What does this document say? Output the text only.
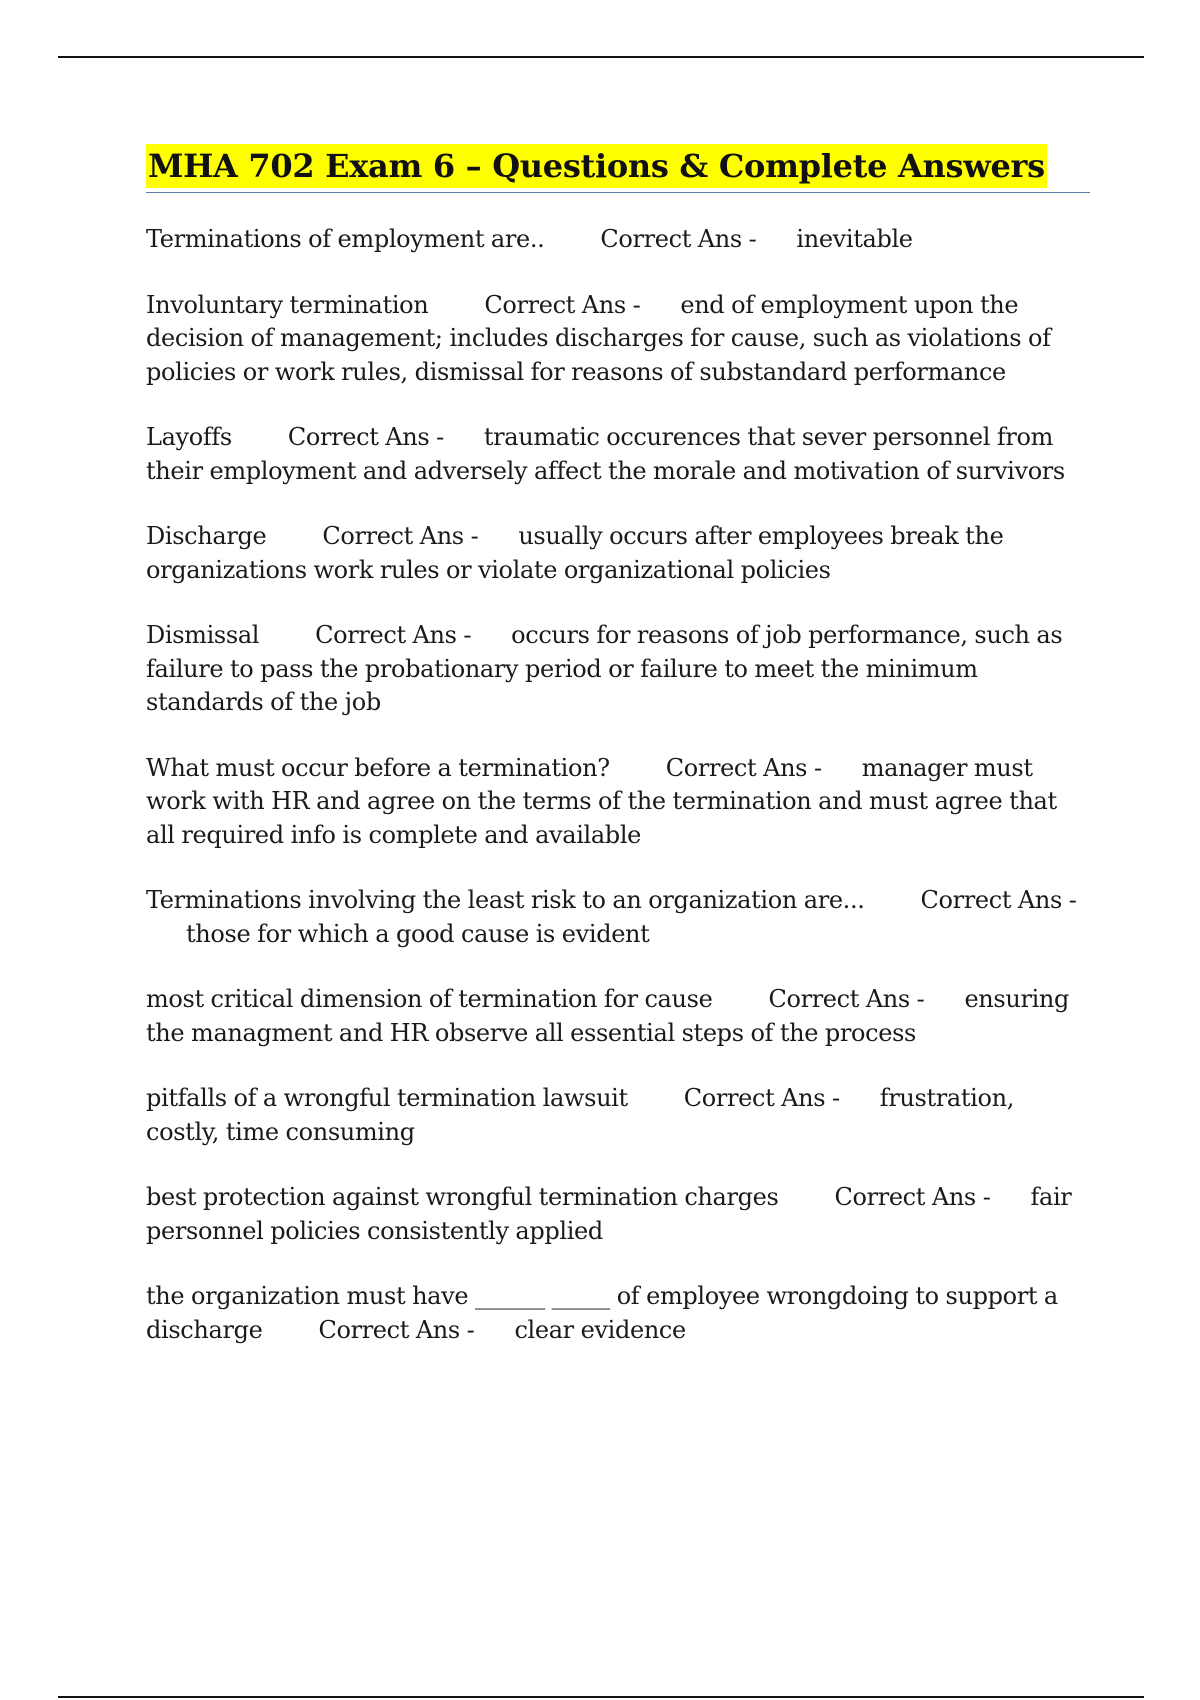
MHA 702 Exam 6 – Questions & Complete Answers

Terminations of employment are.. Correct Ans - inevitable

Involuntary termination Correct Ans - end of employment upon the decision of management; includes discharges for cause, such as violations of policies or work rules, dismissal for reasons of substandard performance

Layoffs Correct Ans - traumatic occurences that sever personnel from their employment and adversely affect the morale and motivation of survivors

Discharge Correct Ans - usually occurs after employees break the organizations work rules or violate organizational policies

Dismissal Correct Ans - occurs for reasons of job performance, such as failure to pass the probationary period or failure to meet the minimum standards of the job

What must occur before a termination? Correct Ans - manager must work with HR and agree on the terms of the termination and must agree that all required info is complete and available

Terminations involving the least risk to an organization are... Correct Ans -those for which a good cause is evident

most critical dimension of termination for cause Correct Ans - ensuring the managment and HR observe all essential steps of the process

pitfalls of a wrongful termination lawsuit Correct Ans - frustration, costly, time consuming

best protection against wrongful termination charges Correct Ans - fair personnel policies consistently applied

the organization must have ______ _____ of employee wrongdoing to support a discharge Correct Ans - clear evidence
